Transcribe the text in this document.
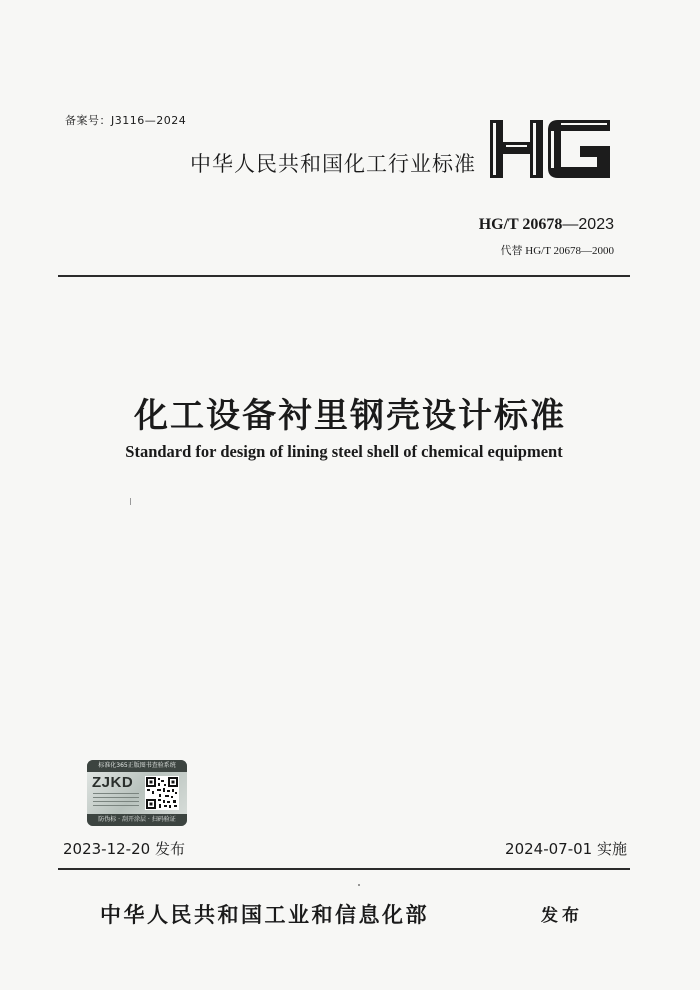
备案号：J3116—2024
中华人民共和国化工行业标准
HG/T 20678—2023
代替 HG/T 20678—2000
化工设备衬里钢壳设计标准
Standard for design of lining steel shell of chemical equipment
标准化365正版图书查验系统
ZJKD
防伪标 · 刮开涂层 · 扫码验证
2023-12-20 发布	2024-07-01 实施
中华人民共和国工业和信息化部	发布
